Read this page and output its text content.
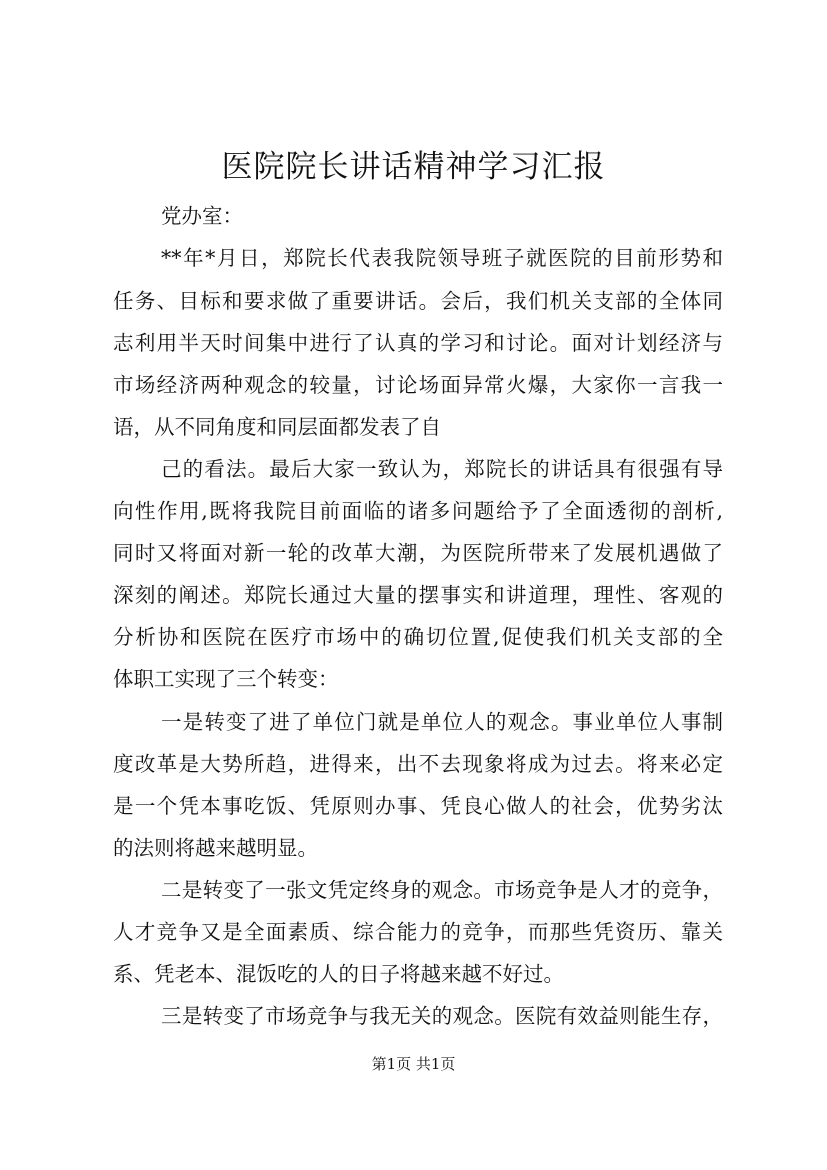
医院院长讲话精神学习汇报

党办室：

**年*月日，郑院长代表我院领导班子就医院的目前形势和

任务、目标和要求做了重要讲话。会后，我们机关支部的全体同

志利用半天时间集中进行了认真的学习和讨论。面对计划经济与

市场经济两种观念的较量，讨论场面异常火爆，大家你一言我一

语，从不同角度和同层面都发表了自

己的看法。最后大家一致认为，郑院长的讲话具有很强有导

向性作用,既将我院目前面临的诸多问题给予了全面透彻的剖析,

同时又将面对新一轮的改革大潮，为医院所带来了发展机遇做了

深刻的阐述。郑院长通过大量的摆事实和讲道理，理性、客观的

分析协和医院在医疗市场中的确切位置,促使我们机关支部的全

体职工实现了三个转变：

一是转变了进了单位门就是单位人的观念。事业单位人事制

度改革是大势所趋，进得来，出不去现象将成为过去。将来必定

是一个凭本事吃饭、凭原则办事、凭良心做人的社会，优势劣汰

的法则将越来越明显。

二是转变了一张文凭定终身的观念。市场竞争是人才的竞争，

人才竞争又是全面素质、综合能力的竞争，而那些凭资历、靠关

系、凭老本、混饭吃的人的日子将越来越不好过。

三是转变了市场竞争与我无关的观念。医院有效益则能生存，

第1页 共1页
